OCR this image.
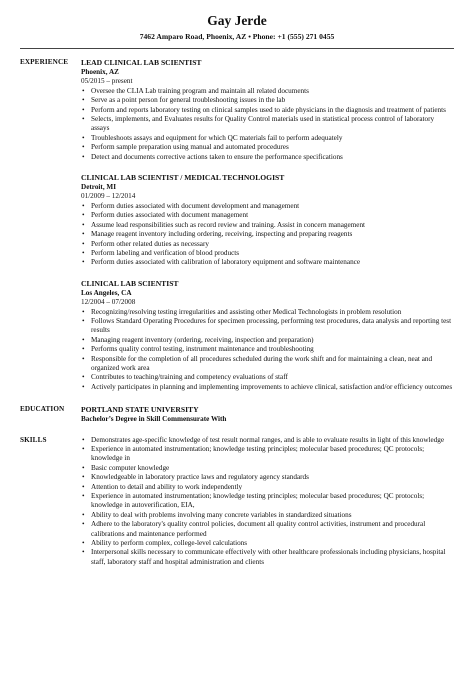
Gay Jerde

7462 Amparo Road, Phoenix, AZ • Phone: +1 (555) 271 0455

EXPERIENCE	LEAD CLINICAL LAB SCIENTIST
Phoenix, AZ
05/2015 – present
• Oversee the CLIA Lab training program and maintain all related documents
• Serve as a point person for general troubleshooting issues in the lab
• Perform and reports laboratory testing on clinical samples used to aide physicians in the diagnosis and treatment of patients
• Selects, implements, and Evaluates results for Quality Control materials used in statistical process control of laboratory assays
• Troubleshoots assays and equipment for which QC materials fail to perform adequately
• Perform sample preparation using manual and automated procedures
• Detect and documents corrective actions taken to ensure the performance specifications
CLINICAL LAB SCIENTIST / MEDICAL TECHNOLOGIST
Detroit, MI
01/2009 – 12/2014
• Perform duties associated with document development and management
• Perform duties associated with document management
• Assume lead responsibilities such as record review and training. Assist in concern management
• Manage reagent inventory including ordering, receiving, inspecting and preparing reagents
• Perform other related duties as necessary
• Perform labeling and verification of blood products
• Perform duties associated with calibration of laboratory equipment and software maintenance
CLINICAL LAB SCIENTIST
Los Angeles, CA
12/2004 – 07/2008
• Recognizing/resolving testing irregularities and assisting other Medical Technologists in problem resolution
• Follows Standard Operating Procedures for specimen processing, performing test procedures, data analysis and reporting test results
• Managing reagent inventory (ordering, receiving, inspection and preparation)
• Performs quality control testing, instrument maintenance and troubleshooting
• Responsible for the completion of all procedures scheduled during the work shift and for maintaining a clean, neat and organized work area
• Contributes to teaching/training and competency evaluations of staff
• Actively participates in planning and implementing improvements to achieve clinical, satisfaction and/or efficiency outcomes
EDUCATION	PORTLAND STATE UNIVERSITY
Bachelor’s Degree in Skill Commensurate With
SKILLS
•	Demonstrates age-specific knowledge of test result normal ranges, and is able to evaluate results in light of this knowledge
• Experience in automated instrumentation; knowledge testing principles; molecular based procedures; QC protocols; knowledge in
• Basic computer knowledge
• Knowledgeable in laboratory practice laws and regulatory agency standards
• Attention to detail and ability to work independently
• Experience in automated instrumentation; knowledge testing principles; molecular based procedures; QC protocols; knowledge in autoverification, EIA,
• Ability to deal with problems involving many concrete variables in standardized situations
• Adhere to the laboratory's quality control policies, document all quality control activities, instrument and procedural calibrations and maintenance performed
• Ability to perform complex, college-level calculations
• Interpersonal skills necessary to communicate effectively with other healthcare professionals including physicians, hospital staff, laboratory staff and hospital administration and clients
